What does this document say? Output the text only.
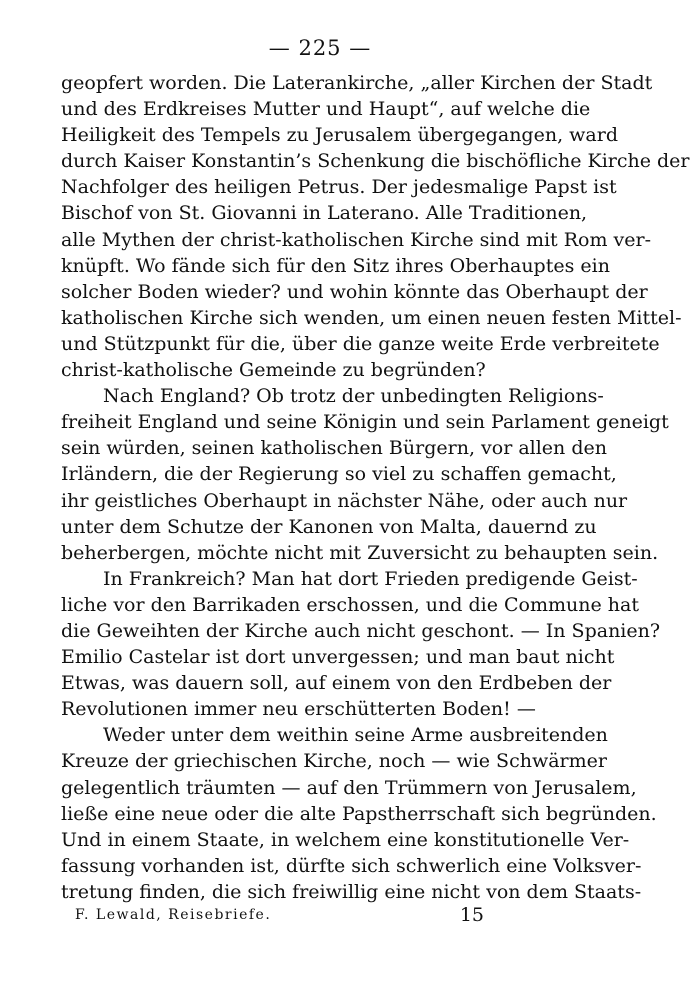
— 225 —
geopfert worden. Die Laterankirche, „aller Kirchen der Stadt
und des Erdkreises Mutter und Haupt“, auf welche die
Heiligkeit des Tempels zu Jerusalem übergegangen, ward
durch Kaiser Konstantin’s Schenkung die bischöfliche Kirche der
Nachfolger des heiligen Petrus. Der jedesmalige Papst ist
Bischof von St. Giovanni in Laterano. Alle Traditionen,
alle Mythen der christ-katholischen Kirche sind mit Rom ver-
knüpft. Wo fände sich für den Sitz ihres Oberhauptes ein
solcher Boden wieder? und wohin könnte das Oberhaupt der
katholischen Kirche sich wenden, um einen neuen festen Mittel-
und Stützpunkt für die, über die ganze weite Erde verbreitete
christ-katholische Gemeinde zu begründen?
Nach England? Ob trotz der unbedingten Religions-
freiheit England und seine Königin und sein Parlament geneigt
sein würden, seinen katholischen Bürgern, vor allen den
Irländern, die der Regierung so viel zu schaffen gemacht,
ihr geistliches Oberhaupt in nächster Nähe, oder auch nur
unter dem Schutze der Kanonen von Malta, dauernd zu
beherbergen, möchte nicht mit Zuversicht zu behaupten sein.
In Frankreich? Man hat dort Frieden predigende Geist-
liche vor den Barrikaden erschossen, und die Commune hat
die Geweihten der Kirche auch nicht geschont. — In Spanien?
Emilio Castelar ist dort unvergessen; und man baut nicht
Etwas, was dauern soll, auf einem von den Erdbeben der
Revolutionen immer neu erschütterten Boden! —
Weder unter dem weithin seine Arme ausbreitenden
Kreuze der griechischen Kirche, noch — wie Schwärmer
gelegentlich träumten — auf den Trümmern von Jerusalem,
ließe eine neue oder die alte Papstherrschaft sich begründen.
Und in einem Staate, in welchem eine konstitutionelle Ver-
fassung vorhanden ist, dürfte sich schwerlich eine Volksver-
tretung finden, die sich freiwillig eine nicht von dem Staats-
F. Lewald, Reisebriefe.	15
